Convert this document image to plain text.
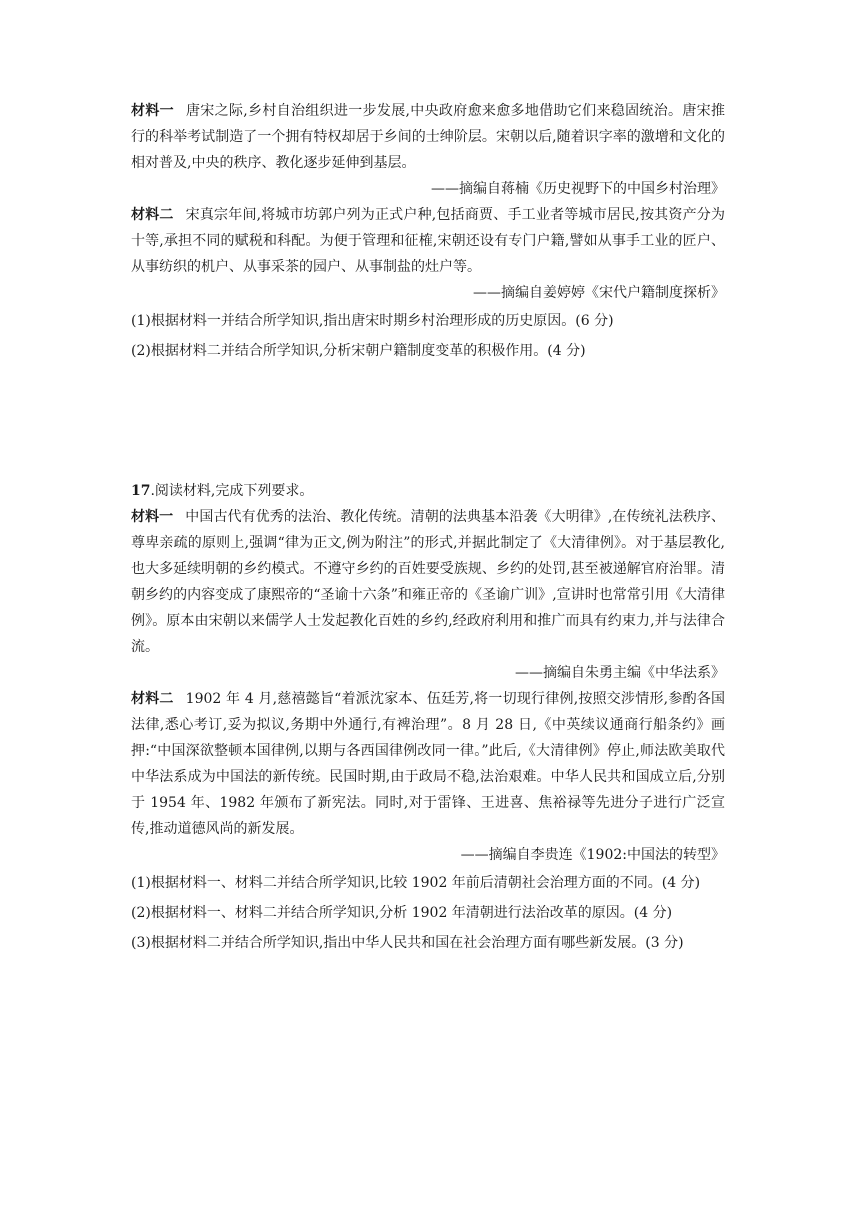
材料一 唐宋之际,乡村自治组织进一步发展,中央政府愈来愈多地借助它们来稳固统治。唐宋推行的科举考试制造了一个拥有特权却居于乡间的士绅阶层。宋朝以后,随着识字率的激增和文化的相对普及,中央的秩序、教化逐步延伸到基层。

——摘编自蒋楠《历史视野下的中国乡村治理》

材料二 宋真宗年间,将城市坊郭户列为正式户种,包括商贾、手工业者等城市居民,按其资产分为十等,承担不同的赋税和科配。为便于管理和征榷,宋朝还设有专门户籍,譬如从事手工业的匠户、从事纺织的机户、从事采茶的园户、从事制盐的灶户等。

——摘编自姜婷婷《宋代户籍制度探析》

(1)根据材料一并结合所学知识,指出唐宋时期乡村治理形成的历史原因。(6 分)

(2)根据材料二并结合所学知识,分析宋朝户籍制度变革的积极作用。(4 分)

17.阅读材料,完成下列要求。

材料一 中国古代有优秀的法治、教化传统。清朝的法典基本沿袭《大明律》,在传统礼法秩序、尊卑亲疏的原则上,强调“律为正文,例为附注”的形式,并据此制定了《大清律例》。对于基层教化,也大多延续明朝的乡约模式。不遵守乡约的百姓要受族规、乡约的处罚,甚至被递解官府治罪。清朝乡约的内容变成了康熙帝的“圣谕十六条”和雍正帝的《圣谕广训》,宣讲时也常常引用《大清律例》。原本由宋朝以来儒学人士发起教化百姓的乡约,经政府利用和推广而具有约束力,并与法律合流。

——摘编自朱勇主编《中华法系》

材料二 1902 年 4 月,慈禧懿旨“着派沈家本、伍廷芳,将一切现行律例,按照交涉情形,参酌各国法律,悉心考订,妥为拟议,务期中外通行,有裨治理”。8 月 28 日,《中英续议通商行船条约》画押:“中国深欲整顿本国律例,以期与各西国律例改同一律。”此后,《大清律例》停止,师法欧美取代中华法系成为中国法的新传统。民国时期,由于政局不稳,法治艰难。中华人民共和国成立后,分别于 1954 年、1982 年颁布了新宪法。同时,对于雷锋、王进喜、焦裕禄等先进分子进行广泛宣传,推动道德风尚的新发展。

——摘编自李贵连《1902:中国法的转型》

(1)根据材料一、材料二并结合所学知识,比较 1902 年前后清朝社会治理方面的不同。(4 分)

(2)根据材料一、材料二并结合所学知识,分析 1902 年清朝进行法治改革的原因。(4 分)

(3)根据材料二并结合所学知识,指出中华人民共和国在社会治理方面有哪些新发展。(3 分)
